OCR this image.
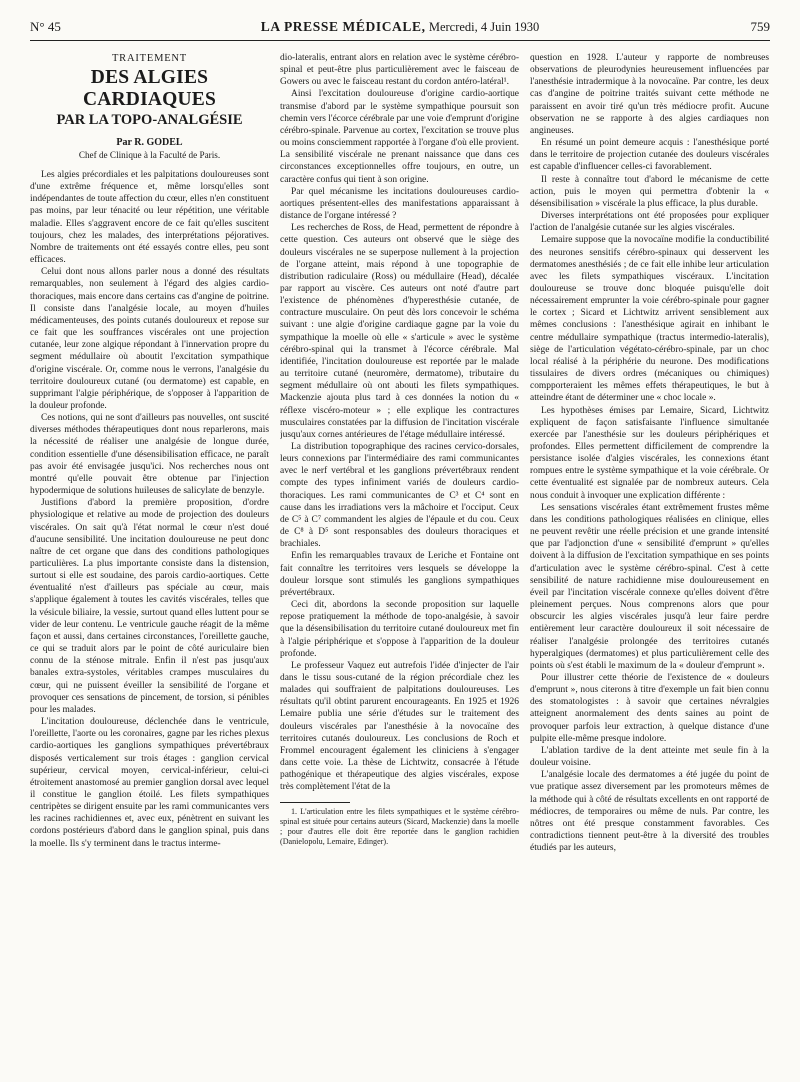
N° 45	LA PRESSE MÉDICALE, Mercredi, 4 Juin 1930	759
TRAITEMENT
DES ALGIES CARDIAQUES
PAR LA TOPO-ANALGÉSIE
Par R. GODEL
Chef de Clinique à la Faculté de Paris.

Les algies précordiales et les palpitations douloureuses sont d'une extrême fréquence et, même lorsqu'elles sont indépendantes de toute affection du cœur, elles n'en constituent pas moins, par leur ténacité ou leur répétition, une véritable maladie. Elles s'aggravent encore de ce fait qu'elles suscitent toujours, chez les malades, des interprétations péjoratives. Nombre de traitements ont été essayés contre elles, peu sont efficaces.

Celui dont nous allons parler nous a donné des résultats remarquables, non seulement à l'égard des algies cardio-thoraciques, mais encore dans certains cas d'angine de poitrine. Il consiste dans l'analgésie locale, au moyen d'huiles médicamenteuses, des points cutanés douloureux et repose sur ce fait que les souffrances viscérales ont une projection cutanée, leur zone algique répondant à l'innervation propre du segment médullaire où aboutit l'excitation sympathique d'origine viscérale. Or, comme nous le verrons, l'analgésie du territoire douloureux cutané (ou dermatome) est capable, en supprimant l'algie périphérique, de s'opposer à l'apparition de la douleur profonde.

Ces notions, qui ne sont d'ailleurs pas nouvelles, ont suscité diverses méthodes thérapeutiques dont nous reparlerons, mais la nécessité de réaliser une analgésie de longue durée, condition essentielle d'une désensibilisation efficace, ne paraît pas avoir été envisagée jusqu'ici. Nos recherches nous ont montré qu'elle pouvait être obtenue par l'injection hypodermique de solutions huileuses de salicylate de benzyle.

Justifions d'abord la première proposition, d'ordre physiologique et relative au mode de projection des douleurs viscérales. On sait qu'à l'état normal le cœur n'est doué d'aucune sensibilité. Une incitation douloureuse ne peut donc naître de cet organe que dans des conditions pathologiques particulières. La plus importante consiste dans la distension, surtout si elle est soudaine, des parois cardio-aortiques. Cette éventualité n'est d'ailleurs pas spéciale au cœur, mais s'applique également à toutes les cavités viscérales, telles que la vésicule biliaire, la vessie, surtout quand elles luttent pour se vider de leur contenu. Le ventricule gauche réagit de la même façon et aussi, dans certaines circonstances, l'oreillette gauche, ce qui se traduit alors par le point de côté auriculaire bien connu de la sténose mitrale. Enfin il n'est pas jusqu'aux banales extra-systoles, véritables crampes musculaires du cœur, qui ne puissent éveiller la sensibilité de l'organe et provoquer ces sensations de pincement, de torsion, si pénibles pour les malades.

L'incitation douloureuse, déclenchée dans le ventricule, l'oreillette, l'aorte ou les coronaires, gagne par les riches plexus cardio-aortiques les ganglions sympathiques prévertébraux disposés verticalement sur trois étages : ganglion cervical supérieur, cervical moyen, cervical-inférieur, celui-ci étroitement anastomosé au premier ganglion dorsal avec lequel il constitue le ganglion étoilé. Les filets sympathiques centripètes se dirigent ensuite par les rami communicantes vers les racines rachidiennes et, avec eux, pénètrent en suivant les cordons postérieurs d'abord dans le ganglion spinal, puis dans la moelle. Ils s'y terminent dans le tractus interme-

dio-lateralis, entrant alors en relation avec le système cérébro-spinal et peut-être plus particulièrement avec le faisceau de Gowers ou avec le faisceau restant du cordon antéro-latéral¹.

Ainsi l'excitation douloureuse d'origine cardio-aortique transmise d'abord par le système sympathique poursuit son chemin vers l'écorce cérébrale par une voie d'emprunt d'origine cérébro-spinale. Parvenue au cortex, l'excitation se trouve plus ou moins consciemment rapportée à l'organe d'où elle provient. La sensibilité viscérale ne prenant naissance que dans ces circonstances exceptionnelles offre toujours, en outre, un caractère confus qui tient à son origine.

Par quel mécanisme les incitations douloureuses cardio-aortiques présentent-elles des manifestations apparaissant à distance de l'organe intéressé ?

Les recherches de Ross, de Head, permettent de répondre à cette question. Ces auteurs ont observé que le siège des douleurs viscérales ne se superpose nullement à la projection de l'organe atteint, mais répond à une topographie de distribution radiculaire (Ross) ou médullaire (Head), décalée par rapport au viscère. Ces auteurs ont noté d'autre part l'existence de phénomènes d'hyperesthésie cutanée, de contracture musculaire. On peut dès lors concevoir le schéma suivant : une algie d'origine cardiaque gagne par la voie du sympathique la moelle où elle « s'articule » avec le système cérébro-spinal qui la transmet à l'écorce cérébrale. Mal identifiée, l'incitation douloureuse est reportée par le malade au territoire cutané (neuromère, dermatome), tributaire du segment médullaire où ont abouti les filets sympathiques. Mackenzie ajouta plus tard à ces données la notion du « réflexe viscéro-moteur » ; elle explique les contractures musculaires constatées par la diffusion de l'incitation viscérale jusqu'aux cornes antérieures de l'étage médullaire intéressé.

La distribution topographique des racines cervico-dorsales, leurs connexions par l'intermédiaire des rami communicantes avec le nerf vertébral et les ganglions prévertébraux rendent compte des types infiniment variés de douleurs cardio-thoraciques. Les rami communicantes de C³ et C⁴ sont en cause dans les irradiations vers la mâchoire et l'occiput. Ceux de C⁵ à C⁷ commandent les algies de l'épaule et du cou. Ceux de C⁸ à D⁵ sont responsables des douleurs thoraciques et brachiales.

Enfin les remarquables travaux de Leriche et Fontaine ont fait connaître les territoires vers lesquels se développe la douleur lorsque sont stimulés les ganglions sympathiques prévertébraux.

Ceci dit, abordons la seconde proposition sur laquelle repose pratiquement la méthode de topo-analgésie, à savoir que la désensibilisation du territoire cutané douloureux met fin à l'algie périphérique et s'oppose à l'apparition de la douleur profonde.

Le professeur Vaquez eut autrefois l'idée d'injecter de l'air dans le tissu sous-cutané de la région précordiale chez les malades qui souffraient de palpitations douloureuses. Les résultats qu'il obtint parurent encourageants. En 1925 et 1926 Lemaire publia une série d'études sur le traitement des douleurs viscérales par l'anesthésie à la novocaïne des territoires cutanés douloureux. Les conclusions de Roch et Frommel encouragent également les cliniciens à s'engager dans cette voie. La thèse de Lichtwitz, consacrée à l'étude pathogénique et thérapeutique des algies viscérales, expose très complètement l'état de la

1. L'articulation entre les filets sympathiques et le système cérébro-spinal est située pour certains auteurs (Sicard, Mackenzie) dans la moelle ; pour d'autres elle doit être reportée dans le ganglion rachidien (Danielopolu, Lemaire, Edinger).

question en 1928. L'auteur y rapporte de nombreuses observations de pleurodynies heureusement influencées par l'anesthésie intradermique à la novocaïne. Par contre, les deux cas d'angine de poitrine traités suivant cette méthode ne paraissent en avoir tiré qu'un très médiocre profit. Aucune observation ne se rapporte à des algies cardiaques non angineuses.

En résumé un point demeure acquis : l'anesthésique porté dans le territoire de projection cutanée des douleurs viscérales est capable d'influencer celles-ci favorablement.

Il reste à connaître tout d'abord le mécanisme de cette action, puis le moyen qui permettra d'obtenir la « désensibilisation » viscérale la plus efficace, la plus durable.

Diverses interprétations ont été proposées pour expliquer l'action de l'analgésie cutanée sur les algies viscérales.

Lemaire suppose que la novocaïne modifie la conductibilité des neurones sensitifs cérébro-spinaux qui desservent les dermatomes anesthésiés ; de ce fait elle inhibe leur articulation avec les filets sympathiques viscéraux. L'incitation douloureuse se trouve donc bloquée puisqu'elle doit nécessairement emprunter la voie cérébro-spinale pour gagner le cortex ; Sicard et Lichtwitz arrivent sensiblement aux mêmes conclusions : l'anesthésique agirait en inhibant le centre médullaire sympathique (tractus intermedio-lateralis), siège de l'articulation végétato-cérébro-spinale, par un choc local réalisé à la périphérie du neurone. Des modifications tissulaires de divers ordres (mécaniques ou chimiques) compporteraient les mêmes effets thérapeutiques, le but à atteindre étant de déterminer une « choc locale ».

Les hypothèses émises par Lemaire, Sicard, Lichtwitz expliquent de façon satisfaisante l'influence simultanée exercée par l'anesthésie sur les douleurs périphériques et profondes. Elles permettent difficilement de comprendre la persistance isolée d'algies viscérales, les connexions étant rompues entre le système sympathique et la voie cérébrale. Or cette éventualité est signalée par de nombreux auteurs. Cela nous conduit à invoquer une explication différente :

Les sensations viscérales étant extrêmement frustes même dans les conditions pathologiques réalisées en clinique, elles ne peuvent revêtir une réelle précision et une grande intensité que par l'adjonction d'une « sensibilité d'emprunt » qu'elles doivent à la diffusion de l'excitation sympathique en ses points d'articulation avec le système cérébro-spinal. C'est à cette sensibilité de nature rachidienne mise douloureusement en éveil par l'incitation viscérale connexe qu'elles doivent d'être pleinement perçues. Nous comprenons alors que pour obscurcir les algies viscérales jusqu'à leur faire perdre entièrement leur caractère douloureux il soit nécessaire de réaliser l'analgésie prolongée des territoires cutanés hyperalgiques (dermatomes) et plus particulièrement celle des points où s'est établi le maximum de la « douleur d'emprunt ».

Pour illustrer cette théorie de l'existence de « douleurs d'emprunt », nous citerons à titre d'exemple un fait bien connu des stomatologistes : à savoir que certaines névralgies atteignent anormalement des dents saines au point de provoquer parfois leur extraction, à quelque distance d'une pulpite elle-même presque indolore.

L'ablation tardive de la dent atteinte met seule fin à la douleur voisine.

L'analgésie locale des dermatomes a été jugée du point de vue pratique assez diversement par les promoteurs mêmes de la méthode qui à côté de résultats excellents en ont rapporté de médiocres, de temporaires ou même de nuls. Par contre, les nôtres ont été presque constamment favorables. Ces contradictions tiennent peut-être à la diversité des troubles étudiés par les auteurs,
